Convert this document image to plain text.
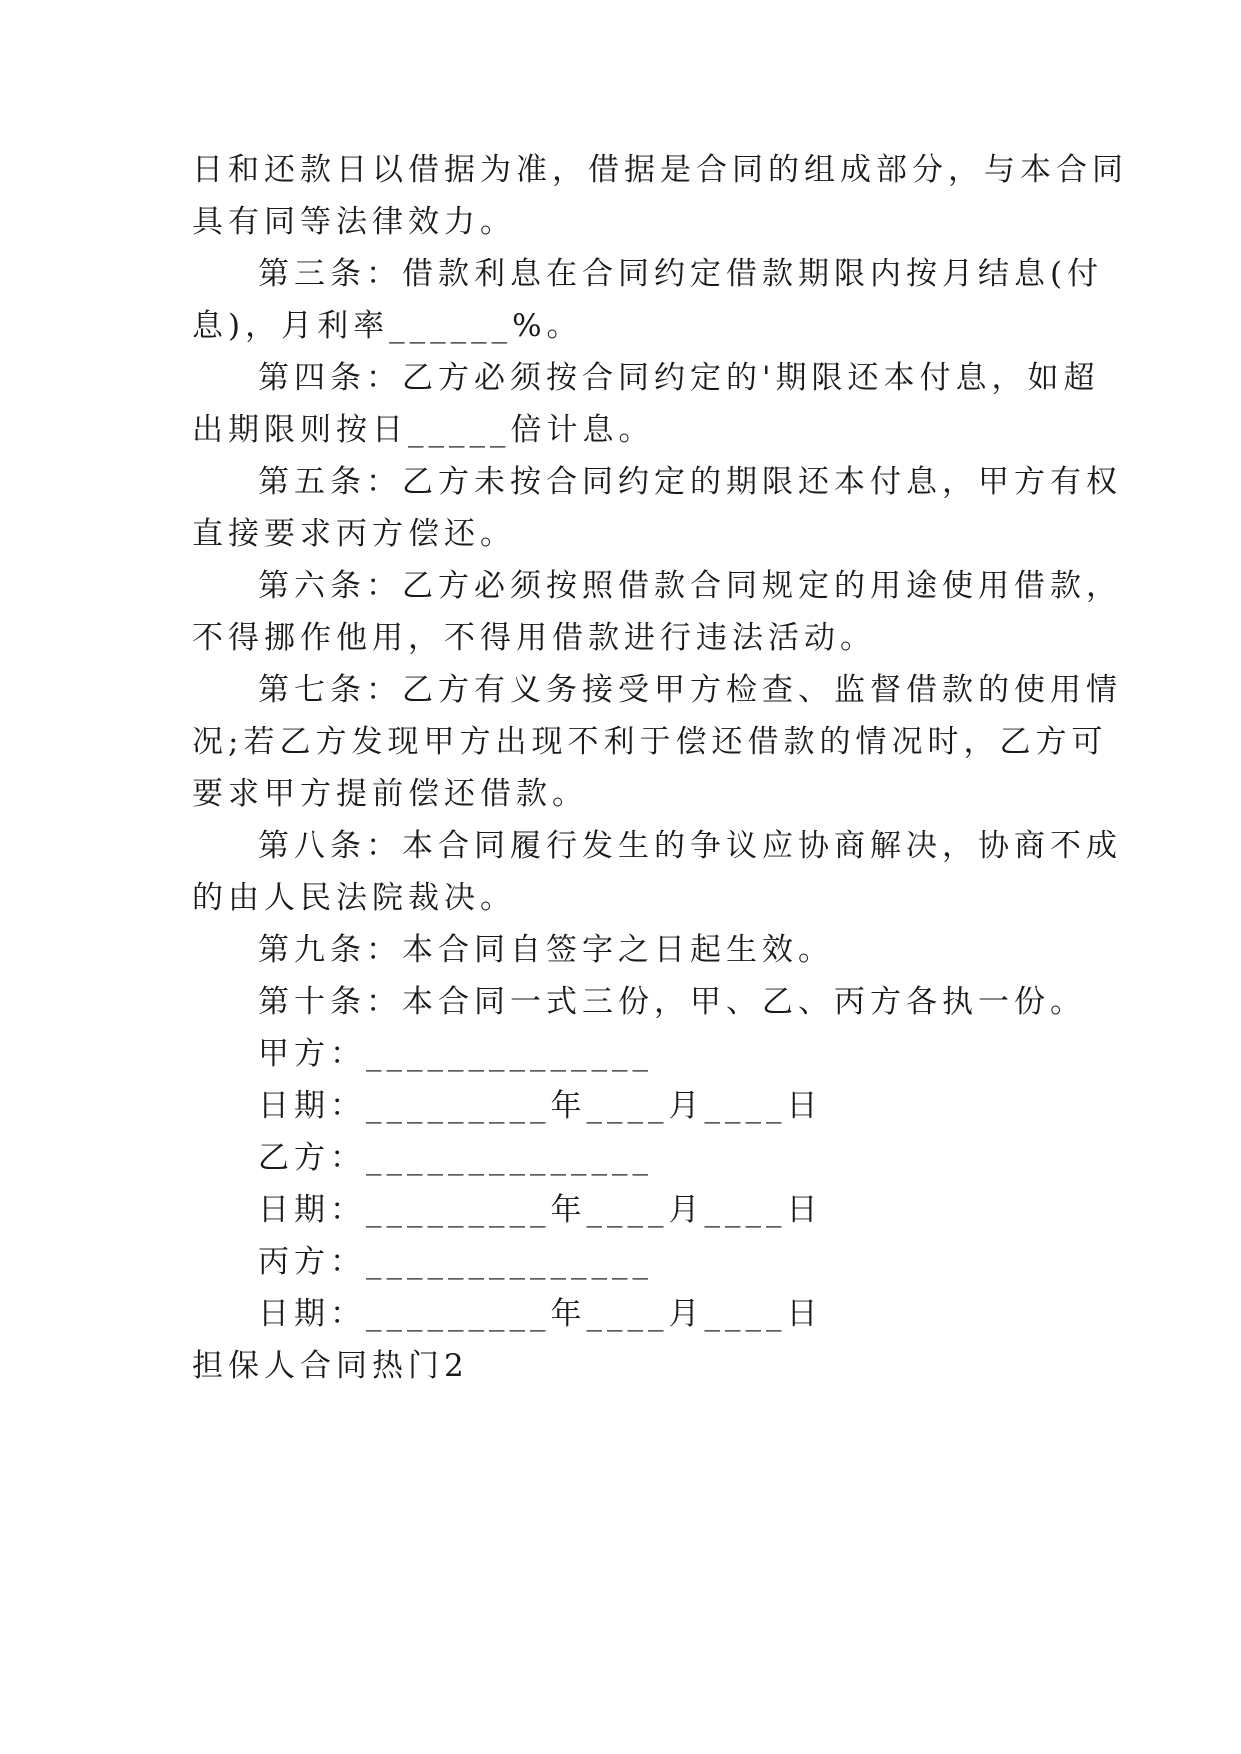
日和还款日以借据为准，借据是合同的组成部分，与本合同
具有同等法律效力。
第三条：借款利息在合同约定借款期限内按月结息(付
息)，月利率______%。
第四条：乙方必须按合同约定的'期限还本付息，如超
出期限则按日_____倍计息。
第五条：乙方未按合同约定的期限还本付息，甲方有权
直接要求丙方偿还。
第六条：乙方必须按照借款合同规定的用途使用借款，
不得挪作他用，不得用借款进行违法活动。
第七条：乙方有义务接受甲方检查、监督借款的使用情
况;若乙方发现甲方出现不利于偿还借款的情况时，乙方可
要求甲方提前偿还借款。
第八条：本合同履行发生的争议应协商解决，协商不成
的由人民法院裁决。
第九条：本合同自签字之日起生效。
第十条：本合同一式三份，甲、乙、丙方各执一份。
甲方：______________
日期：_________年____月____日
乙方：______________
日期：_________年____月____日
丙方：______________
日期：_________年____月____日
担保人合同热门2
